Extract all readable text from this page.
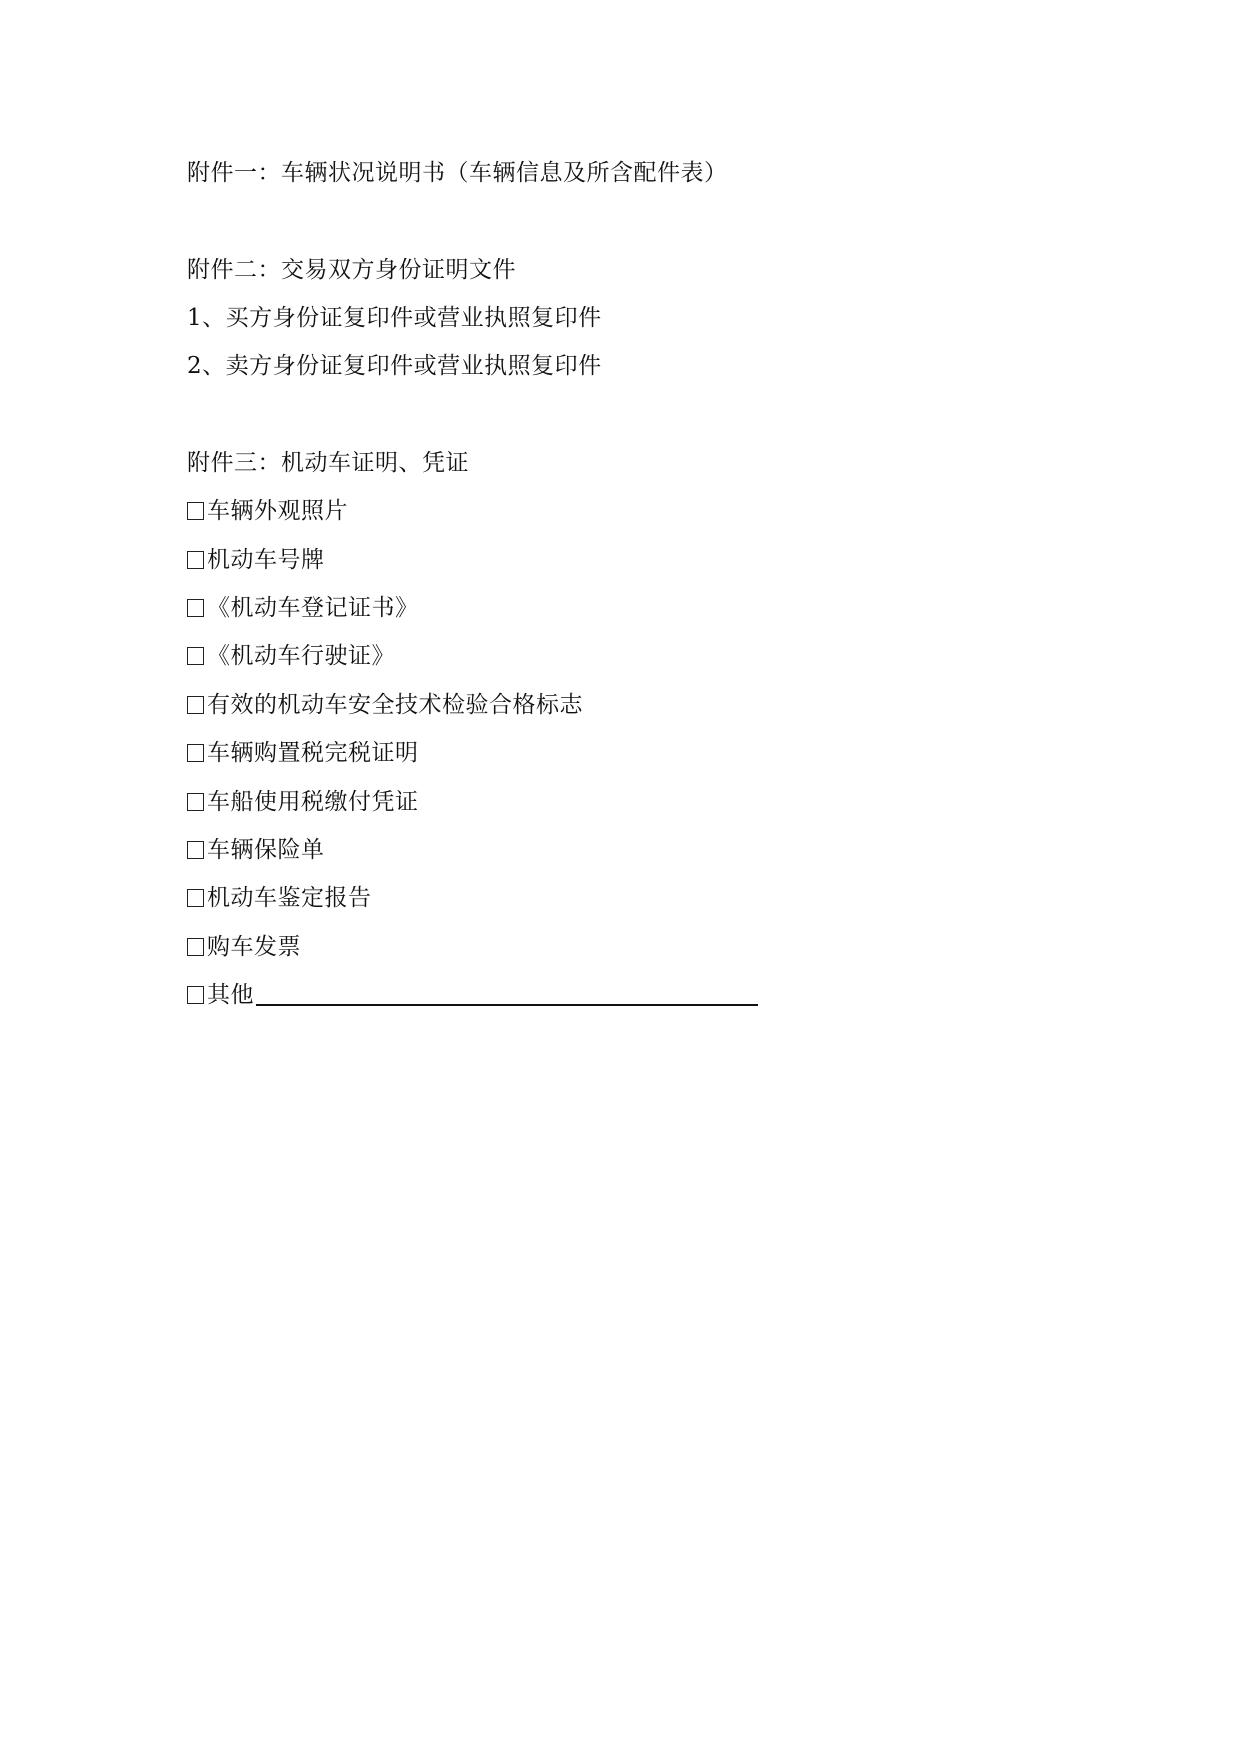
附件一：车辆状况说明书（车辆信息及所含配件表）
附件二：交易双方身份证明文件
1、买方身份证复印件或营业执照复印件
2、卖方身份证复印件或营业执照复印件
附件三：机动车证明、凭证
车辆外观照片
机动车号牌
《机动车登记证书》
《机动车行驶证》
有效的机动车安全技术检验合格标志
车辆购置税完税证明
车船使用税缴付凭证
车辆保险单
机动车鉴定报告
购车发票
其他
